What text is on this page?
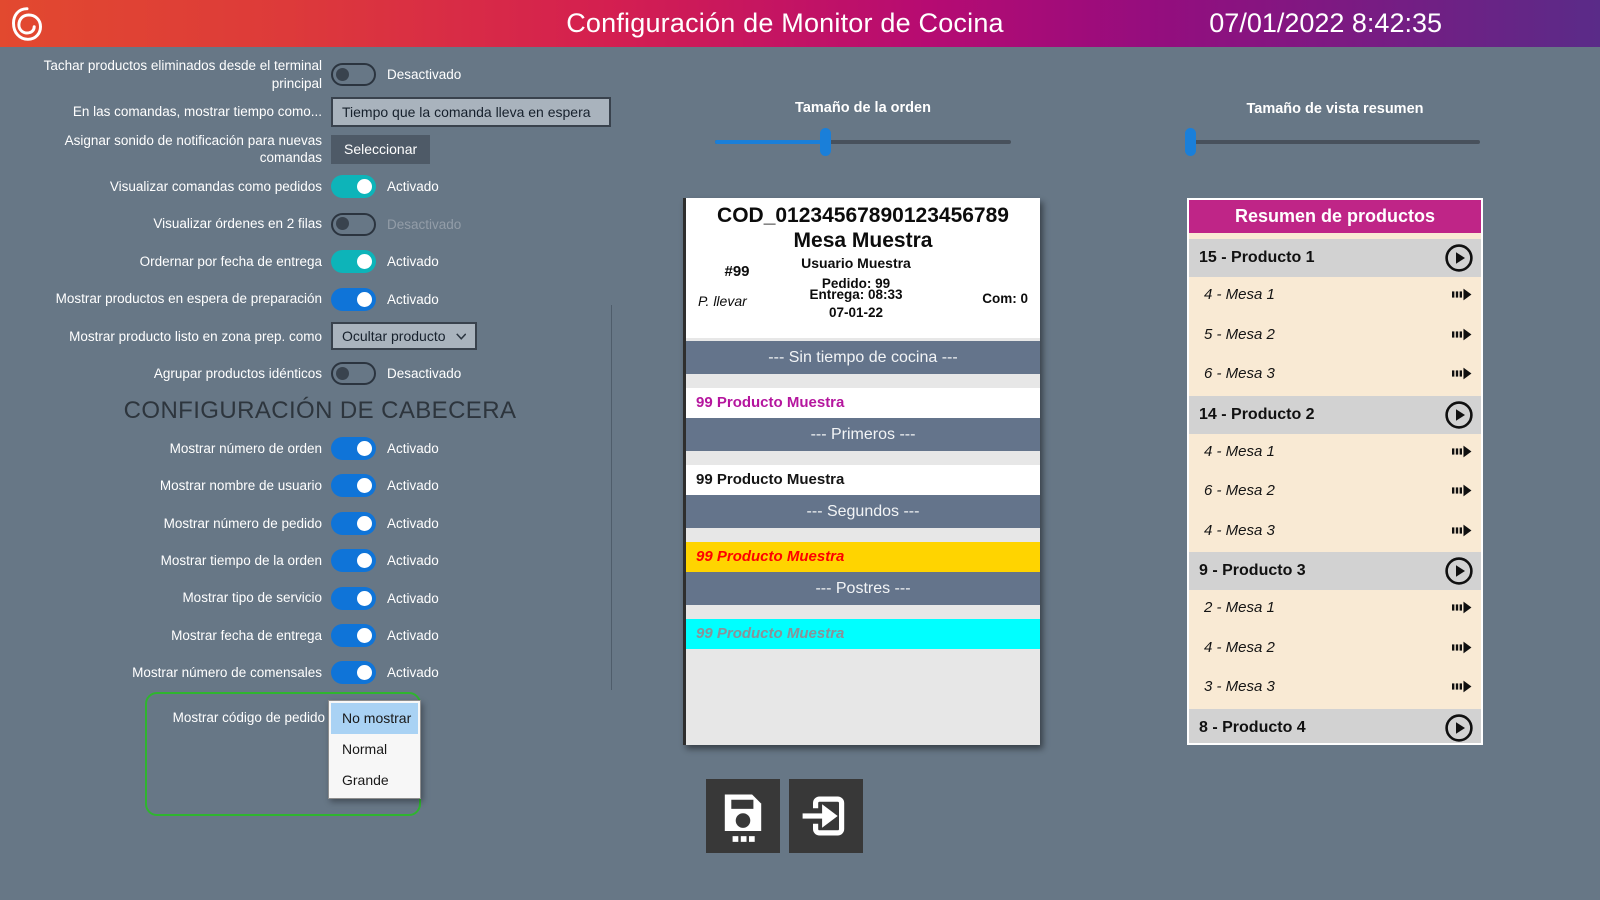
Configuración de Monitor de Cocina	07/01/2022 8:42:35
Tachar productos eliminados desde el terminal principal
Desactivado
En las comandas, mostrar tiempo como... Tiempo que la comanda lleva en espera
Asignar sonido de notificación para nuevas comandas
Seleccionar
Visualizar comandas como pedidos	Activado
Visualizar órdenes en 2 filas	Desactivado
Ordernar por fecha de entrega	Activado
Mostrar productos en espera de preparación	Activado
Mostrar producto listo en zona prep. como Ocultar producto
Agrupar productos idénticos	Desactivado
CONFIGURACIÓN DE CABECERA
Mostrar número de orden	Activado
Mostrar nombre de usuario	Activado
Mostrar número de pedido	Activado
Mostrar tiempo de la orden	Activado
Mostrar tipo de servicio	Activado
Mostrar fecha de entrega	Activado
Mostrar número de comensales	Activado
Mostrar código de pedido	No mostrar
Normal
Grande
Tamaño de la orden
COD_01234567890123456789
Mesa Muestra
#99
P. llevar
Usuario Muestra
Pedido: 99
Entrega: 08:33
07-01-22
Com: 0
--- Sin tiempo de cocina ---
99 Producto Muestra
--- Primeros ---
99 Producto Muestra
--- Segundos ---
99 Producto Muestra
--- Postres ---
99 Producto Muestra
Tamaño de vista resumen
Resumen de productos
15 - Producto 1
4 - Mesa 1
5 - Mesa 2
6 - Mesa 3
14 - Producto 2
4 - Mesa 1
6 - Mesa 2
4 - Mesa 3
9 - Producto 3
2 - Mesa 1
4 - Mesa 2
3 - Mesa 3
8 - Producto 4
